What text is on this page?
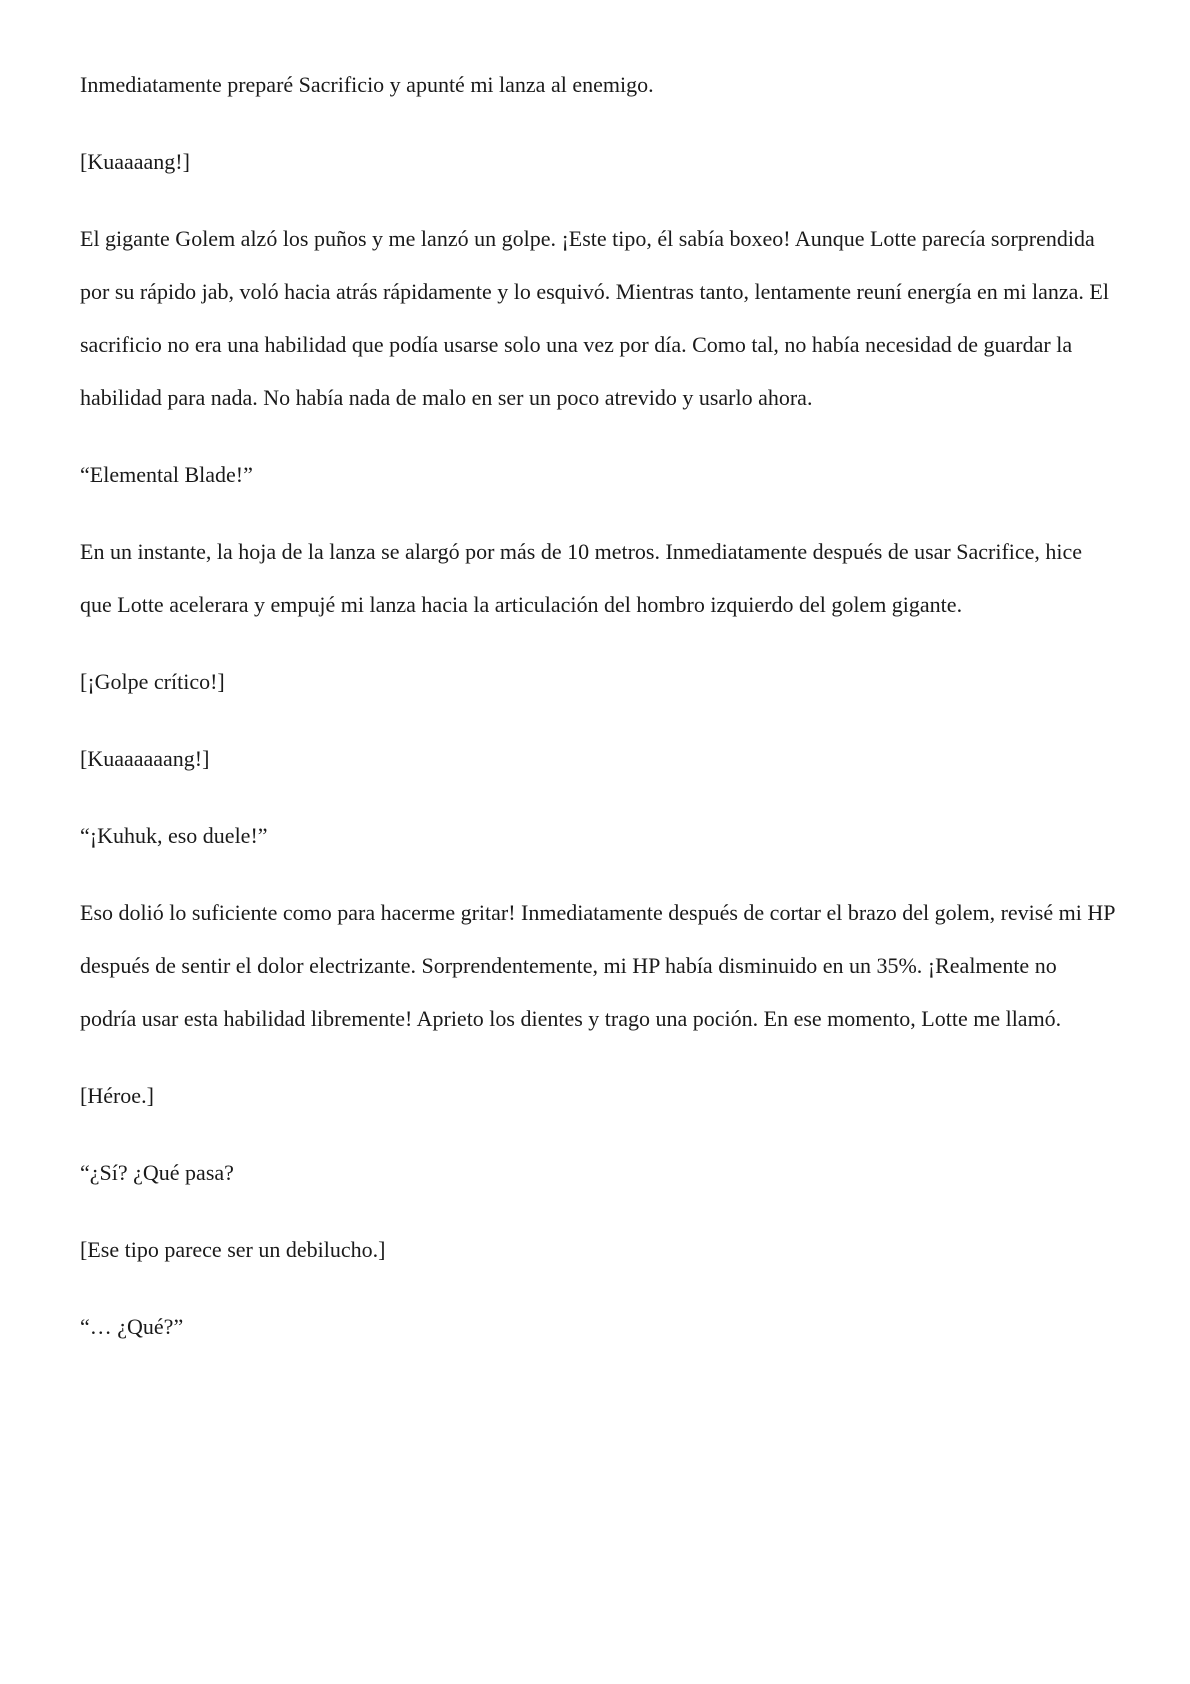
Inmediatamente preparé Sacrificio y apunté mi lanza al enemigo.

[Kuaaaang!]

El gigante Golem alzó los puños y me lanzó un golpe. ¡Este tipo, él sabía boxeo! Aunque Lotte parecía sorprendida por su rápido jab, voló hacia atrás rápidamente y lo esquivó. Mientras tanto, lentamente reuní energía en mi lanza. El sacrificio no era una habilidad que podía usarse solo una vez por día. Como tal, no había necesidad de guardar la habilidad para nada. No había nada de malo en ser un poco atrevido y usarlo ahora.

“Elemental Blade!”

En un instante, la hoja de la lanza se alargó por más de 10 metros. Inmediatamente después de usar Sacrifice, hice que Lotte acelerara y empujé mi lanza hacia la articulación del hombro izquierdo del golem gigante.

[¡Golpe crítico!]

[Kuaaaaaang!]

“¡Kuhuk, eso duele!”

Eso dolió lo suficiente como para hacerme gritar! Inmediatamente después de cortar el brazo del golem, revisé mi HP después de sentir el dolor electrizante. Sorprendentemente, mi HP había disminuido en un 35%. ¡Realmente no podría usar esta habilidad libremente! Aprieto los dientes y trago una poción. En ese momento, Lotte me llamó.

[Héroe.]

“¿Sí? ¿Qué pasa?

[Ese tipo parece ser un debilucho.]

“… ¿Qué?”
